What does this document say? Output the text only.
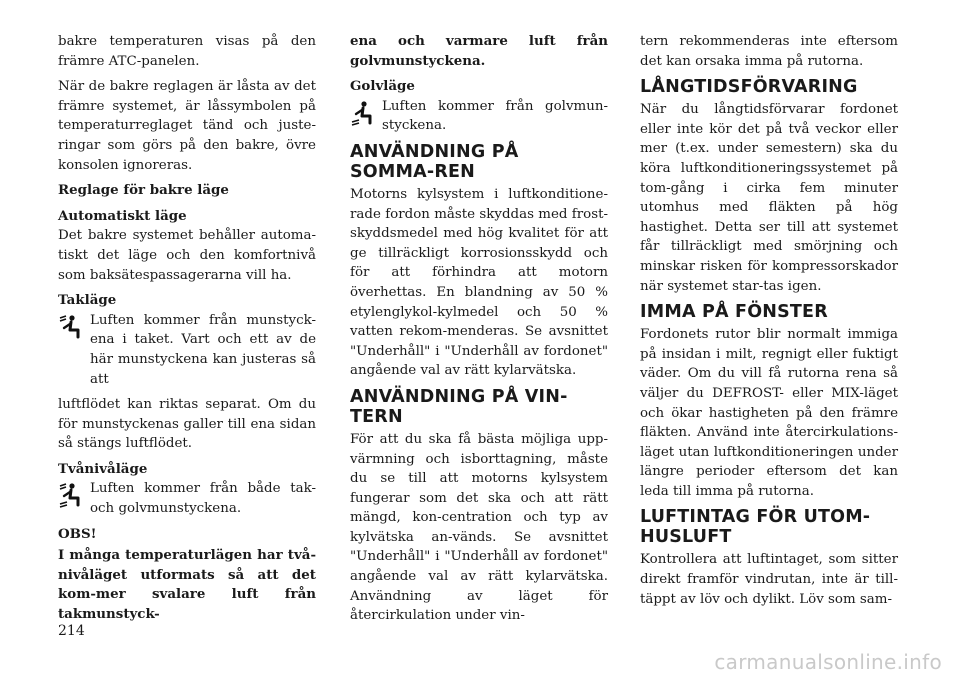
bakre temperaturen visas på den främre ATC-panelen.

När de bakre reglagen är låsta av det främre systemet, är låssymbolen på temperaturreglaget tänd och juste-ringar som görs på den bakre, övre konsolen ignoreras.

Reglage för bakre läge

Automatiskt läge

Det bakre systemet behåller automa-tiskt det läge och den komfortnivå som baksätespassagerarna vill ha.

Takläge

Luften kommer från munstyck-ena i taket. Vart och ett av de här munstyckena kan justeras så att

luftflödet kan riktas separat. Om du för munstyckenas galler till ena sidan så stängs luftflödet.

Tvånivåläge

Luften kommer från både tak- och golvmunstyckena.

OBS!

I många temperaturlägen har två-nivåläget utformats så att det kom-mer svalare luft från takmunstyck-

ena och varmare luft från golvmunstyckena.

Golvläge

Luften kommer från golvmun-styckena.

ANVÄNDNING PÅ SOMMA-REN

Motorns kylsystem i luftkonditione-rade fordon måste skyddas med frost-skyddsmedel med hög kvalitet för att ge tillräckligt korrosionsskydd och för att förhindra att motorn överhettas. En blandning av 50 % etylenglykol-kylmedel och 50 % vatten rekom-menderas. Se avsnittet "Underhåll" i "Underhåll av fordonet" angående val av rätt kylarvätska.

ANVÄNDNING PÅ VIN-TERN

För att du ska få bästa möjliga upp-värmning och isborttagning, måste du se till att motorns kylsystem fungerar som det ska och att rätt mängd, kon-centration och typ av kylvätska an-vänds. Se avsnittet "Underhåll" i "Underhåll av fordonet" angående val av rätt kylarvätska. Användning av läget för återcirkulation under vin-

tern rekommenderas inte eftersom det kan orsaka imma på rutorna.

LÅNGTIDSFÖRVARING

När du långtidsförvarar fordonet eller inte kör det på två veckor eller mer (t.ex. under semestern) ska du köra luftkonditioneringssystemet på tom-gång i cirka fem minuter utomhus med fläkten på hög hastighet. Detta ser till att systemet får tillräckligt med smörjning och minskar risken för kompressorskador när systemet star-tas igen.

IMMA PÅ FÖNSTER

Fordonets rutor blir normalt immiga på insidan i milt, regnigt eller fuktigt väder. Om du vill få rutorna rena så väljer du DEFROST- eller MIX-läget och ökar hastigheten på den främre fläkten. Använd inte återcirkulations-läget utan luftkonditioneringen under längre perioder eftersom det kan leda till imma på rutorna.

LUFTINTAG FÖR UTOM-HUSLUFT

Kontrollera att luftintaget, som sitter direkt framför vindrutan, inte är till-täppt av löv och dylikt. Löv som sam-

214
carmanualsonline.info
